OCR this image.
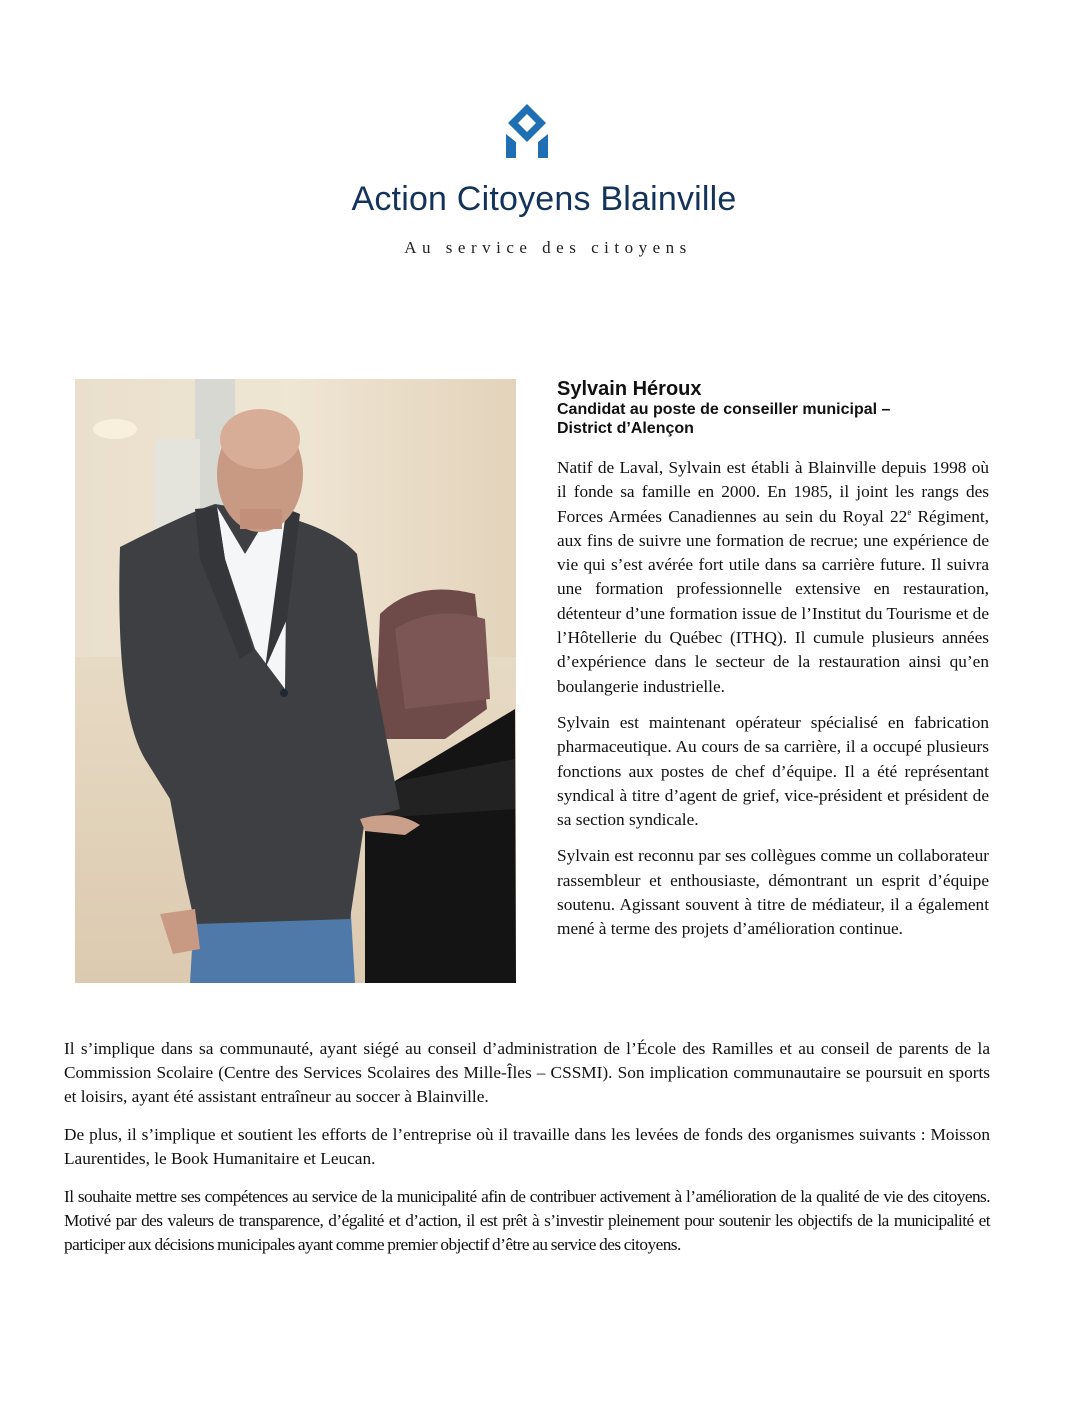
Action Citoyens Blainville
Au service des citoyens
Sylvain Héroux
Candidat au poste de conseiller municipal –
District d’Alençon

Natif de Laval, Sylvain est établi à Blainville depuis 1998 où il fonde sa famille en 2000. En 1985, il joint les rangs des Forces Armées Canadiennes au sein du Royal 22e Régiment, aux fins de suivre une formation de recrue; une expérience de vie qui s’est avérée fort utile dans sa carrière future. Il suivra une formation professionnelle extensive en restauration, détenteur d’une formation issue de l’Institut du Tourisme et de l’Hôtellerie du Québec (ITHQ). Il cumule plusieurs années d’expérience dans le secteur de la restauration ainsi qu’en boulangerie industrielle.

Sylvain est maintenant opérateur spécialisé en fabrication pharmaceutique. Au cours de sa carrière, il a occupé plusieurs fonctions aux postes de chef d’équipe. Il a été représentant syndical à titre d’agent de grief, vice-président et président de sa section syndicale.

Sylvain est reconnu par ses collègues comme un collaborateur rassembleur et enthousiaste, démontrant un esprit d’équipe soutenu. Agissant souvent à titre de médiateur, il a également mené à terme des projets d’amélioration continue.

Il s’implique dans sa communauté, ayant siégé au conseil d’administration de l’École des Ramilles et au conseil de parents de la Commission Scolaire (Centre des Services Scolaires des Mille-Îles – CSSMI). Son implication communautaire se poursuit en sports et loisirs, ayant été assistant entraîneur au soccer à Blainville.

De plus, il s’implique et soutient les efforts de l’entreprise où il travaille dans les levées de fonds des organismes suivants : Moisson Laurentides, le Book Humanitaire et Leucan.

Il souhaite mettre ses compétences au service de la municipalité afin de contribuer activement à l’amélioration de la qualité de vie des citoyens. Motivé par des valeurs de transparence, d’égalité et d’action, il est prêt à s’investir pleinement pour soutenir les objectifs de la municipalité et participer aux décisions municipales ayant comme premier objectif d’être au service des citoyens.
